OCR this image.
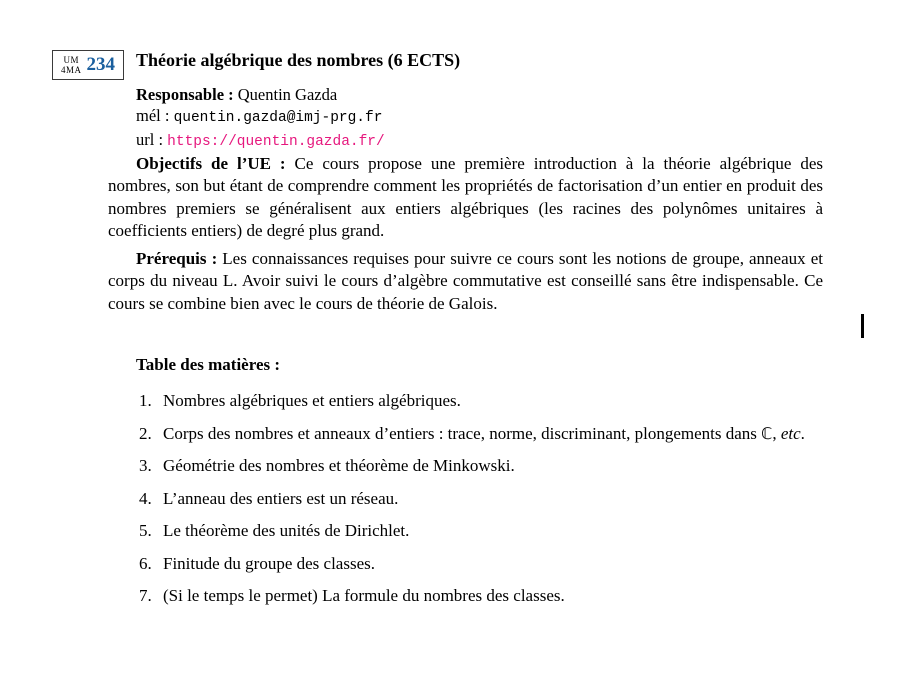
UM
4MA 234 Théorie algébrique des nombres (6 ECTS)
Responsable : Quentin Gazda
mél : quentin.gazda@imj-prg.fr
url : https://quentin.gazda.fr/
Objectifs de l’UE : Ce cours propose une première introduction à la théorie algébrique des nombres, son but étant de comprendre comment les propriétés de factorisation d’un entier en produit des nombres premiers se généralisent aux entiers algébriques (les racines des polynômes unitaires à coefficients entiers) de degré plus grand.
Prérequis : Les connaissances requises pour suivre ce cours sont les notions de groupe, anneaux et corps du niveau L. Avoir suivi le cours d’algèbre commutative est conseillé sans être indispensable. Ce cours se combine bien avec le cours de théorie de Galois.
Table des matières :
1. Nombres algébriques et entiers algébriques.
2. Corps des nombres et anneaux d’entiers : trace, norme, discriminant, plongements dans ℂ, etc.
3. Géométrie des nombres et théorème de Minkowski.
4. L’anneau des entiers est un réseau.
5. Le théorème des unités de Dirichlet.
6. Finitude du groupe des classes.
7. (Si le temps le permet) La formule du nombres des classes.
